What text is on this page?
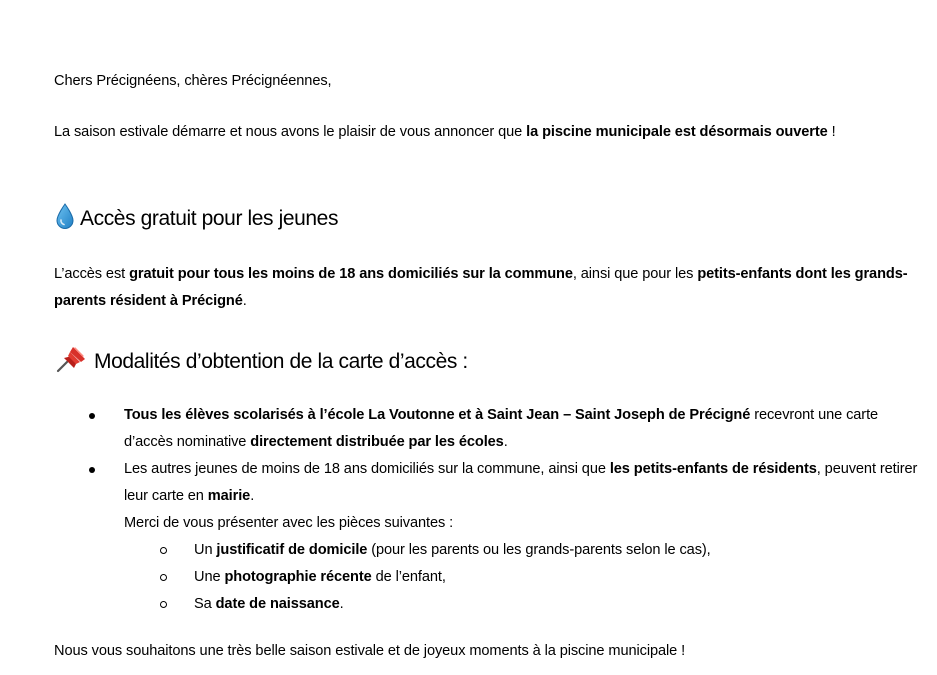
Chers Précignéens, chères Précignéennes,

La saison estivale démarre et nous avons le plaisir de vous annoncer que la piscine municipale est désormais ouverte !

Accès gratuit pour les jeunes

L’accès est gratuit pour tous les moins de 18 ans domiciliés sur la commune, ainsi que pour les petits-enfants dont les grands-parents résident à Précigné.

Modalités d’obtention de la carte d’accès :
Tous les élèves scolarisés à l’école La Voutonne et à Saint Jean – Saint Joseph de Précigné recevront une carte d’accès nominative directement distribuée par les écoles.
Les autres jeunes de moins de 18 ans domiciliés sur la commune, ainsi que les petits-enfants de résidents, peuvent retirer leur carte en mairie.
Merci de vous présenter avec les pièces suivantes :
Un justificatif de domicile (pour les parents ou les grands-parents selon le cas),
Une photographie récente de l’enfant,
Sa date de naissance.

Nous vous souhaitons une très belle saison estivale et de joyeux moments à la piscine municipale !
